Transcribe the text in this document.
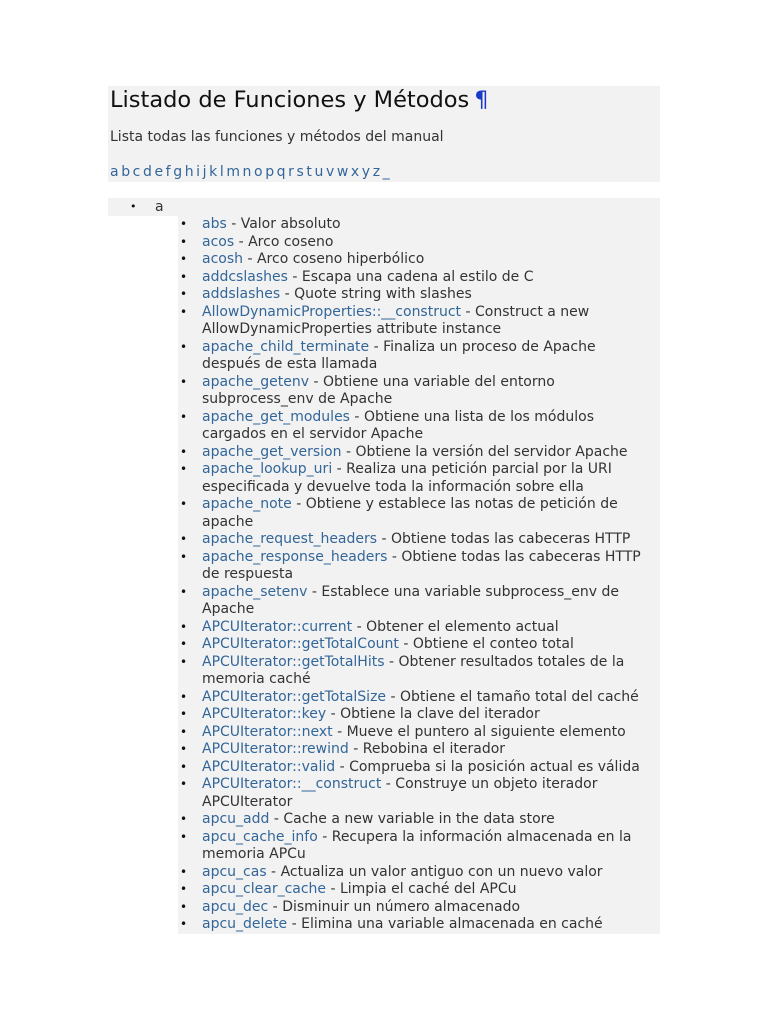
Listado de Funciones y Métodos ¶

Lista todas las funciones y métodos del manual

a b c d e f g h i j k l m n o p q r s t u v w x y z _

• a
• abs - Valor absoluto
• acos - Arco coseno
• acosh - Arco coseno hiperbólico
• addcslashes - Escapa una cadena al estilo de C
• addslashes - Quote string with slashes
• AllowDynamicProperties::__construct - Construct a new AllowDynamicProperties attribute instance
• apache_child_terminate - Finaliza un proceso de Apache después de esta llamada
• apache_getenv - Obtiene una variable del entorno subprocess_env de Apache
• apache_get_modules - Obtiene una lista de los módulos cargados en el servidor Apache
• apache_get_version - Obtiene la versión del servidor Apache
• apache_lookup_uri - Realiza una petición parcial por la URI especificada y devuelve toda la información sobre ella
• apache_note - Obtiene y establece las notas de petición de apache
• apache_request_headers - Obtiene todas las cabeceras HTTP
• apache_response_headers - Obtiene todas las cabeceras HTTP de respuesta
• apache_setenv - Establece una variable subprocess_env de Apache
• APCUIterator::current - Obtener el elemento actual
• APCUIterator::getTotalCount - Obtiene el conteo total
• APCUIterator::getTotalHits - Obtener resultados totales de la memoria caché
• APCUIterator::getTotalSize - Obtiene el tamaño total del caché
• APCUIterator::key - Obtiene la clave del iterador
• APCUIterator::next - Mueve el puntero al siguiente elemento
• APCUIterator::rewind - Rebobina el iterador
• APCUIterator::valid - Comprueba si la posición actual es válida
• APCUIterator::__construct - Construye un objeto iterador APCUIterator
• apcu_add - Cache a new variable in the data store
• apcu_cache_info - Recupera la información almacenada en la memoria APCu
• apcu_cas - Actualiza un valor antiguo con un nuevo valor
• apcu_clear_cache - Limpia el caché del APCu
• apcu_dec - Disminuir un número almacenado
• apcu_delete - Elimina una variable almacenada en caché
